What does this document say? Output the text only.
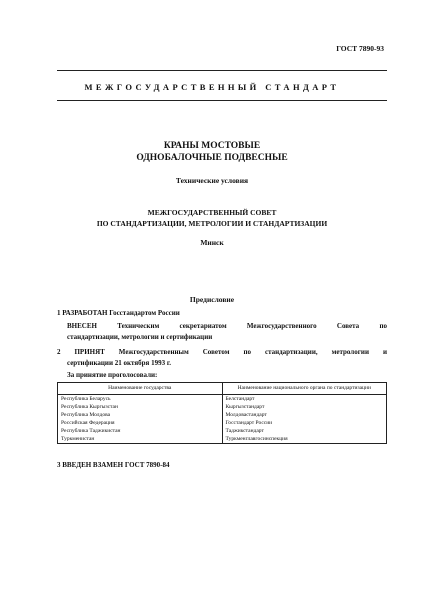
ГОСТ 7890-93
МЕЖГОСУДАРСТВЕННЫЙ СТАНДАРТ
КРАНЫ МОСТОВЫЕ
ОДНОБАЛОЧНЫЕ ПОДВЕСНЫЕ
Технические условия
МЕЖГОСУДАРСТВЕННЫЙ СОВЕТ
ПО СТАНДАРТИЗАЦИИ, МЕТРОЛОГИИ И СТАНДАРТИЗАЦИИ
Минск
Предисловие
1 РАЗРАБОТАН Госстандартом России
ВНЕСЕН Техническим секретариатом Межгосударственного Совета по
стандартизации, метрологии и сертификации
2 ПРИНЯТ Межгосударственным Советом по стандартизации, метрологии и
сертификации 21 октября 1993 г.
За принятие проголосовали:
Наименование государства	Наименование национального органа по стандартизации
Республика Беларусь	Белстандарт
Республика Кыргызстан	Кыргызстандарт
Республика Молдова	Молдовастандарт
Российская Федерация	Госстандарт России
Республика Таджикистан	Таджикстандарт
Туркменистан	Туркменглавгосинспекция
3 ВВЕДЕН ВЗАМЕН ГОСТ 7890-84
